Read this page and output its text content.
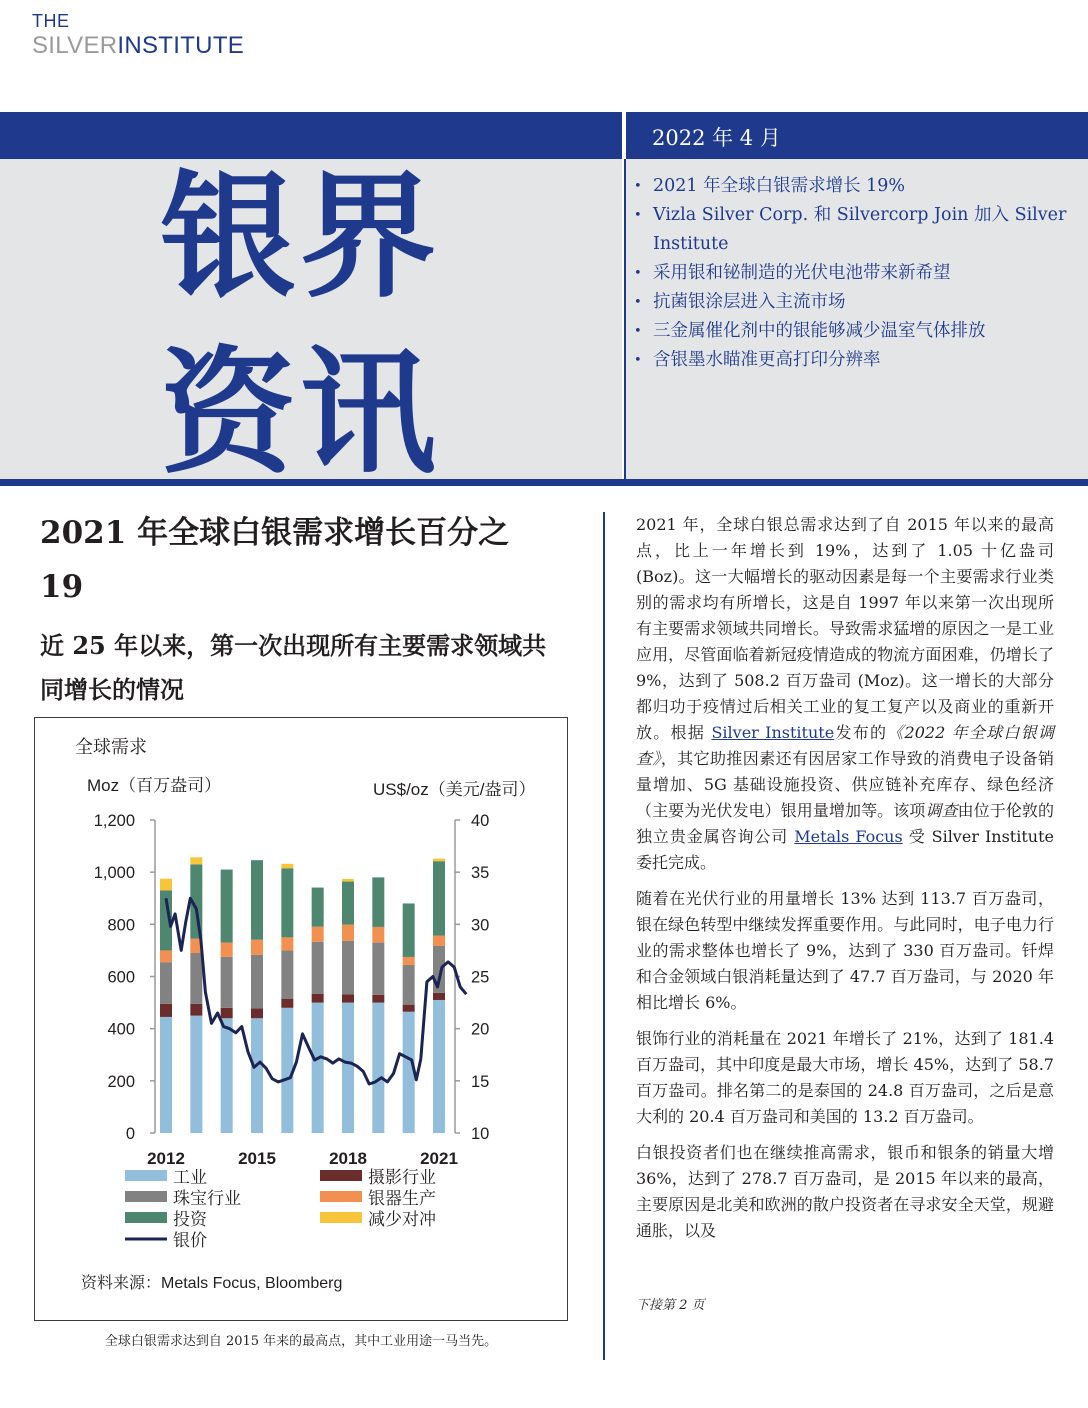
THE
SILVERINSTITUTE
银界
资讯
2022 年 4 月
• 2021 年全球白银需求增长 19%
• Vizla Silver Corp. 和 Silvercorp Join 加入 Silver Institute
• 采用银和铋制造的光伏电池带来新希望
• 抗菌银涂层进入主流市场
• 三金属催化剂中的银能够减少温室气体排放
• 含银墨水瞄准更高打印分辨率
2021 年全球白银需求增长百分之 19
近 25 年以来，第一次出现所有主要需求领域共同增长的情况
全球需求
Moz（百万盎司）	US$/oz（美元/盎司）
0
200
400
600
800
1,000
1,200
10
15
20
25
30
35
40
2012	2015	2018	2021
工业	摄影行业
珠宝行业	银器生产
投资	减少对冲
银价
资料来源：Metals Focus, Bloomberg
全球白银需求达到自 2015 年来的最高点，其中工业用途一马当先。

2021 年，全球白银总需求达到了自 2015 年以来的最高点，比上一年增长到 19%，达到了 1.05 十亿盎司 (Boz)。这一大幅增长的驱动因素是每一个主要需求行业类别的需求均有所增长，这是自 1997 年以来第一次出现所有主要需求领域共同增长。导致需求猛增的原因之一是工业应用，尽管面临着新冠疫情造成的物流方面困难，仍增长了 9%，达到了 508.2 百万盎司 (Moz)。这一增长的大部分都归功于疫情过后相关工业的复工复产以及商业的重新开放。根据 Silver Institute发布的《2022 年全球白银调查》，其它助推因素还有因居家工作导致的消费电子设备销量增加、5G 基础设施投资、供应链补充库存、绿色经济（主要为光伏发电）银用量增加等。该项调查由位于伦敦的独立贵金属咨询公司 Metals Focus 受 Silver Institute 委托完成。

随着在光伏行业的用量增长 13% 达到 113.7 百万盎司，银在绿色转型中继续发挥重要作用。与此同时，电子电力行业的需求整体也增长了 9%，达到了 330 百万盎司。钎焊和合金领域白银消耗量达到了 47.7 百万盎司，与 2020 年相比增长 6%。

银饰行业的消耗量在 2021 年增长了 21%，达到了 181.4 百万盎司，其中印度是最大市场，增长 45%，达到了 58.7 百万盎司。排名第二的是泰国的 24.8 百万盎司，之后是意大利的 20.4 百万盎司和美国的 13.2 百万盎司。

白银投资者们也在继续推高需求，银币和银条的销量大增 36%，达到了 278.7 百万盎司，是 2015 年以来的最高，主要原因是北美和欧洲的散户投资者在寻求安全天堂，规避通胀，以及

下接第 2 页
